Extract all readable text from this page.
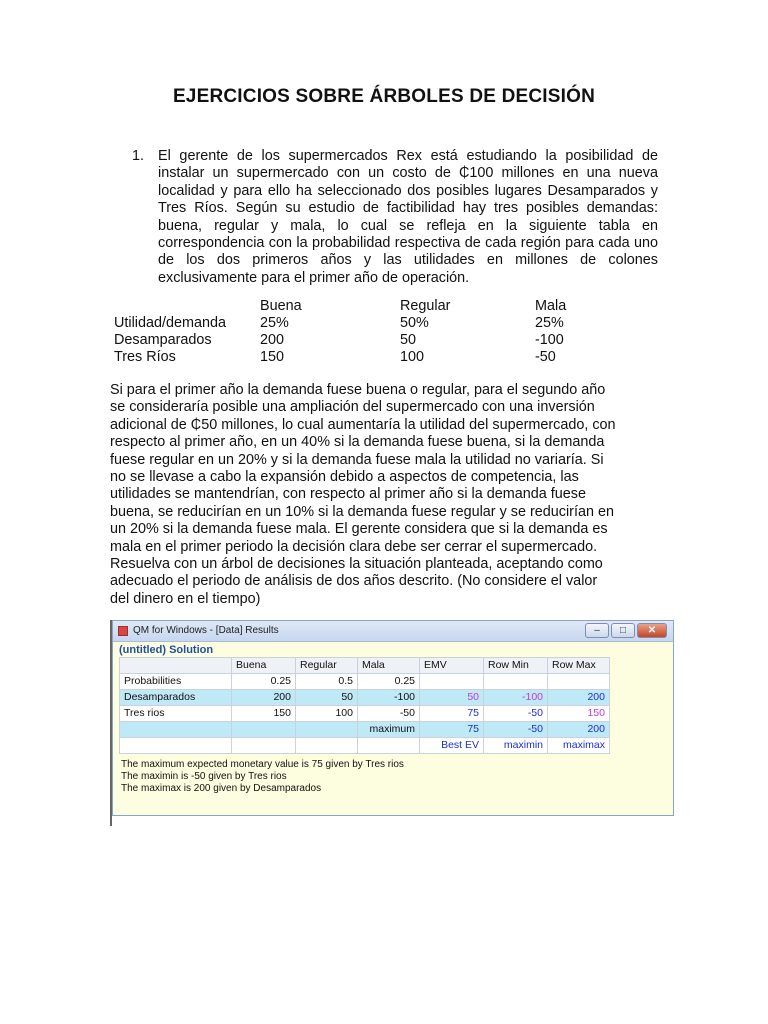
EJERCICIOS SOBRE ÁRBOLES DE DECISIÓN
1. El gerente de los supermercados Rex está estudiando la posibilidad de instalar un supermercado con un costo de ₵100 millones en una nueva localidad y para ello ha seleccionado dos posibles lugares Desamparados y Tres Ríos. Según su estudio de factibilidad hay tres posibles demandas: buena, regular y mala, lo cual se refleja en la siguiente tabla en correspondencia con la probabilidad respectiva de cada región para cada uno de los dos primeros años y las utilidades en millones de colones exclusivamente para el primer año de operación.
	Buena	Regular	Mala
Utilidad/demanda	25%	50%	25%
Desamparados	200	50	-100
Tres Ríos	150	100	-50
Si para el primer año la demanda fuese buena o regular, para el segundo año
se consideraría posible una ampliación del supermercado con una inversión
adicional de ₵50 millones, lo cual aumentaría la utilidad del supermercado, con
respecto al primer año, en un 40% si la demanda fuese buena, si la demanda
fuese regular en un 20% y si la demanda fuese mala la utilidad no variaría. Si
no se llevase a cabo la expansión debido a aspectos de competencia, las
utilidades se mantendrían, con respecto al primer año si la demanda fuese
buena, se reducirían en un 10% si la demanda fuese regular y se reducirían en
un 20% si la demanda fuese mala. El gerente considera que si la demanda es
mala en el primer periodo la decisión clara debe ser cerrar el supermercado.
Resuelva con un árbol de decisiones la situación planteada, aceptando como
adecuado el periodo de análisis de dos años descrito. (No considere el valor
del dinero en el tiempo)
QM for Windows - [Data] Results	–	□	✕
(untitled) Solution
	Buena	Regular	Mala	EMV	Row Min	Row Max
Probabilities	0.25	0.5	0.25			
Desamparados	200	50	-100	50	-100	200
Tres rios	150	100	-50	75	-50	150
			maximum	75	-50	200
				Best EV	maximin	maximax
The maximum expected monetary value is 75 given by Tres rios
The maximin is -50 given by Tres rios
The maximax is 200 given by Desamparados
